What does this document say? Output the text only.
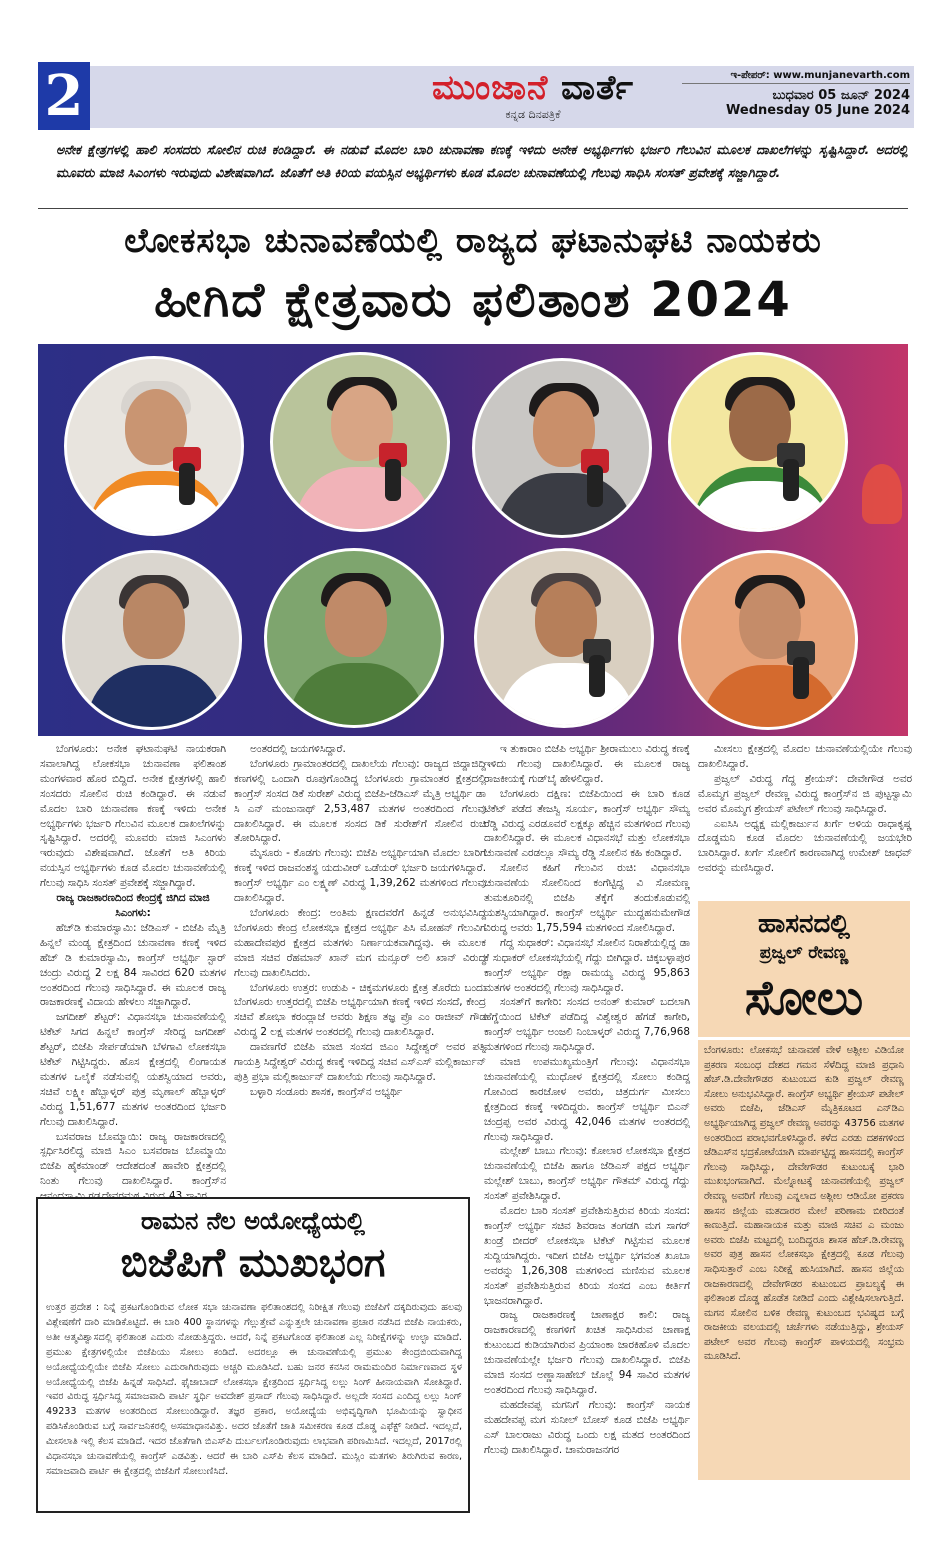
2	ಮುಂಜಾನೆ ವಾರ್ತೆ
ಕನ್ನಡ ದಿನಪತ್ರಿಕೆ
ಇ-ಪೇಪರ್: www.munjanevarth.com
ಬುಧವಾರ 05 ಜೂನ್ 2024
Wednesday 05 June 2024
ಅನೇಕ ಕ್ಷೇತ್ರಗಳಲ್ಲಿ ಹಾಲಿ ಸಂಸದರು ಸೋಲಿನ ರುಚಿ ಕಂಡಿದ್ದಾರೆ. ಈ ನಡುವೆ ಮೊದಲ ಬಾರಿ ಚುನಾವಣಾ ಕಣಕ್ಕೆ ಇಳಿದು ಅನೇಕ ಅಭ್ಯರ್ಥಿಗಳು ಭರ್ಜರಿ ಗೆಲುವಿನ ಮೂಲಕ ದಾಖಲೆಗಳನ್ನು ಸೃಷ್ಟಿಸಿದ್ದಾರೆ. ಅದರಲ್ಲಿ ಮೂವರು ಮಾಜಿ ಸಿಎಂಗಳು ಇರುವುದು ವಿಶೇಷವಾಗಿದೆ. ಜೊತೆಗೆ ಅತಿ ಕಿರಿಯ ವಯಸ್ಸಿನ ಅಭ್ಯರ್ಥಿಗಳು ಕೂಡ ಮೊದಲ ಚುನಾವಣೆಯಲ್ಲಿ ಗೆಲುವು ಸಾಧಿಸಿ ಸಂಸತ್ ಪ್ರವೇಶಕ್ಕೆ ಸಜ್ಜಾಗಿದ್ದಾರೆ.
ಲೋಕಸಭಾ ಚುನಾವಣೆಯಲ್ಲಿ ರಾಜ್ಯದ ಘಟಾನುಘಟಿ ನಾಯಕರು
ಹೀಗಿದೆ ಕ್ಷೇತ್ರವಾರು ಫಲಿತಾಂಶ 2024

ಬೆಂಗಳೂರು: ಅನೇಕ ಘಟಾನುಘಟಿ ನಾಯಕರಾಗಿ ಸವಾಲಾಗಿದ್ದ ಲೋಕಸಭಾ ಚುನಾವಣಾ ಫಲಿತಾಂಶ ಮಂಗಳವಾರ ಹೊರ ಬಿದ್ದಿದೆ. ಅನೇಕ ಕ್ಷೇತ್ರಗಳಲ್ಲಿ ಹಾಲಿ ಸಂಸದರು ಸೋಲಿನ ರುಚಿ ಕಂಡಿದ್ದಾರೆ. ಈ ನಡುವೆ ಮೊದಲ ಬಾರಿ ಚುನಾವಣಾ ಕಣಕ್ಕೆ ಇಳಿದು ಅನೇಕ ಅಭ್ಯರ್ಥಿಗಳು ಭರ್ಜರಿ ಗೆಲುವಿನ ಮೂಲಕ ದಾಖಲೆಗಳನ್ನು ಸೃಷ್ಟಿಸಿದ್ದಾರೆ. ಅದರಲ್ಲಿ ಮೂವರು ಮಾಜಿ ಸಿಎಂಗಳು ಇರುವುದು ವಿಶೇಷವಾಗಿದೆ. ಜೊತೆಗೆ ಅತಿ ಕಿರಿಯ ವಯಸ್ಸಿನ ಅಭ್ಯರ್ಥಿಗಳು ಕೂಡ ಮೊದಲ ಚುನಾವಣೆಯಲ್ಲಿ ಗೆಲುವು ಸಾಧಿಸಿ ಸಂಸತ್ ಪ್ರವೇಶಕ್ಕೆ ಸಜ್ಜಾಗಿದ್ದಾರೆ.

ರಾಜ್ಯ ರಾಜಕಾರಣದಿಂದ ಕೇಂದ್ರಕ್ಕೆ ಜಿಗಿದ ಮಾಜಿ ಸಿಎಂಗಳು:

ಹೆಚ್‌ಡಿ ಕುಮಾರಸ್ವಾಮಿ: ಜೆಡಿಎಸ್ - ಬಿಜೆಪಿ ಮೈತ್ರಿ ಹಿನ್ನಲೆ ಮಂಡ್ಯ ಕ್ಷೇತ್ರದಿಂದ ಚುನಾವಣಾ ಕಣಕ್ಕೆ ಇಳಿದ ಹೆಚ್ ಡಿ ಕುಮಾರಸ್ವಾಮಿ, ಕಾಂಗ್ರೆಸ್ ಅಭ್ಯರ್ಥಿ ಸ್ಟಾರ್ ಚಂದ್ರು ವಿರುದ್ಧ 2 ಲಕ್ಷ 84 ಸಾವಿರದ 620 ಮತಗಳ ಅಂತರದಿಂದ ಗೆಲುವು ಸಾಧಿಸಿದ್ದಾರೆ. ಈ ಮೂಲಕ ರಾಜ್ಯ ರಾಜಕಾರಣಕ್ಕೆ ವಿದಾಯ ಹೇಳಲು ಸಜ್ಜಾಗಿದ್ದಾರೆ.

ಜಗದೀಶ್ ಶೆಟ್ಟರ್: ವಿಧಾನಸಭಾ ಚುನಾವಣೆಯಲ್ಲಿ ಟಿಕೆಟ್ ಸಿಗದ ಹಿನ್ನಲೆ ಕಾಂಗ್ರೆಸ್ ಸೇರಿದ್ದ ಜಗದೀಶ್ ಶೆಟ್ಟರ್, ಬಿಜೆಪಿ ಸೇರ್ಪಡೆಯಾಗಿ ಬೆಳಗಾವಿ ಲೋಕಸಭಾ ಟಿಕೆಟ್ ಗಿಟ್ಟಿಸಿದ್ದರು. ಹೊಸ ಕ್ಷೇತ್ರದಲ್ಲಿ ಲಿಂಗಾಯತ ಮತಗಳ ಒಲೈಕೆ ನಡೆಸುವಲ್ಲಿ ಯಶಸ್ವಿಯಾದ ಅವರು, ಸಚಿವೆ ಲಕ್ಷ್ಮೀ ಹೆಬ್ಬಾಳ್ಕರ್ ಪುತ್ರ ಮೃಣಾಲ್ ಹೆಬ್ಬಾಳ್ಕರ್ ವಿರುದ್ಧ 1,51,677 ಮತಗಳ ಅಂತರದಿಂದ ಭರ್ಜರಿ ಗೆಲುವು ದಾಖಲಿಸಿದ್ದಾರೆ.

ಬಸವರಾಜ ಬೊಮ್ಮಾಯಿ: ರಾಜ್ಯ ರಾಜಕಾರಣದಲ್ಲಿ ಸ್ಪರ್ಧಿಸಿರಲಿದ್ದ ಮಾಜಿ ಸಿಎಂ ಬಸವರಾಜ ಬೊಮ್ಮಾಯಿ ಬಿಜೆಪಿ ಹೈಕಮಾಂಡ್ ಆದೇಶದಂತೆ ಹಾವೇರಿ ಕ್ಷೇತ್ರದಲ್ಲಿ ನಿಂತು ಗೆಲುವು ದಾಖಲಿಸಿದ್ದಾರೆ. ಕಾಂಗ್ರೆಸ್‌ನ

ಅಂತರದಲ್ಲಿ ಜಯಗಳಿಸಿದ್ದಾರೆ.

ಬೆಂಗಳೂರು ಗ್ರಾಮಾಂತರದಲ್ಲಿ ದಾಖಲೆಯ ಗೆಲುವು: ರಾಜ್ಯದ ಜಿದ್ದಾಜಿದ್ದಿ ಕಣಗಳಲ್ಲಿ ಒಂದಾಗಿ ರೂಪುಗೊಂಡಿದ್ದ ಬೆಂಗಳೂರು ಗ್ರಾಮಾಂತರ ಕ್ಷೇತ್ರದಲ್ಲಿ ಕಾಂಗ್ರೆಸ್ ಸಂಸದ ಡಿಕೆ ಸುರೇಶ್ ವಿರುದ್ಧ ಬಿಜೆಪಿ-ಜೆಡಿಎಸ್ ಮೈತ್ರಿ ಅಭ್ಯರ್ಥಿ ಡಾ ಸಿ ಎನ್ ಮಂಜುನಾಥ್ 2,53,487 ಮತಗಳ ಅಂತರದಿಂದ ಗೆಲುವು ದಾಖಲಿಸಿದ್ದಾರೆ. ಈ ಮೂಲಕ ಸಂಸದ ಡಿಕೆ ಸುರೇಶ್‌ಗೆ ಸೋಲಿನ ರುಚಿ ತೋರಿಸಿದ್ದಾರೆ.

ಮೈಸೂರು - ಕೊಡಗು ಗೆಲುವು: ಬಿಜೆಪಿ ಅಭ್ಯರ್ಥಿಯಾಗಿ ಮೊದಲ ಬಾರಿಗೆ ಕಣಕ್ಕೆ ಇಳಿದ ರಾಜವಂಶಸ್ಥ ಯದುವೀರ್ ಒಡೆಯರ್ ಭರ್ಜರಿ ಜಯಗಳಿಸಿದ್ದಾರೆ. ಕಾಂಗ್ರೆಸ್ ಅಭ್ಯರ್ಥಿ ಎಂ ಲಕ್ಷ್ಮಣ್ ವಿರುದ್ಧ 1,39,262 ಮತಗಳಿಂದ ಗೆಲುವು ದಾಖಲಿಸಿದ್ದಾರೆ.

ಬೆಂಗಳೂರು ಕೇಂದ್ರ: ಅಂತಿಮ ಕ್ಷಣದವರೆಗೆ ಹಿನ್ನಡೆ ಅನುಭವಿಸಿದ್ದ ಬೆಂಗಳೂರು ಕೇಂದ್ರ ಲೋಕಸಭಾ ಕ್ಷೇತ್ರದ ಅಭ್ಯರ್ಥಿ ಪಿಸಿ ಮೋಹನ್ ಗೆಲುವಿಗೆ ಮಹಾದೇವಪುರ ಕ್ಷೇತ್ರದ ಮತಗಳು ನಿರ್ಣಾಯಕವಾಗಿದ್ದವು. ಈ ಮೂಲಕ ಮಾಜಿ ಸಚಿವ ರೆಹಮಾನ್ ಖಾನ್ ಮಗ ಮನ್ಸೂರ್ ಅಲಿ ಖಾನ್ ವಿರುದ್ಧ ಗೆಲುವು ದಾಖಲಿಸಿದರು.

ಬೆಂಗಳೂರು ಉತ್ತರ: ಉಡುಪಿ - ಚಿಕ್ಕಮಗಳೂರು ಕ್ಷೇತ್ರ ತೊರೆದು ಬಂದು ಬೆಂಗಳೂರು ಉತ್ತರದಲ್ಲಿ ಬಿಜೆಪಿ ಅಭ್ಯರ್ಥಿಯಾಗಿ ಕಣಕ್ಕೆ ಇಳಿದ ಸಂಸದೆ, ಕೇಂದ್ರ ಸಚಿವೆ ಶೋಭಾ ಕರಂದ್ಲಾಜೆ ಅವರು ಶಿಕ್ಷಣ ತಜ್ಞ ಪ್ರೊ ಎಂ ರಾಜೀವ್ ಗೌಡ ವಿರುದ್ಧ 2 ಲಕ್ಷ ಮತಗಳ ಅಂತರದಲ್ಲಿ ಗೆಲುವು ದಾಖಲಿಸಿದ್ದಾರೆ.

ದಾವಣಗೆರೆ ಬಿಜೆಪಿ ಮಾಜಿ ಸಂಸದ ಜಿಎಂ ಸಿದ್ದೇಶ್ವರ್ ಅವರ ಪತ್ನಿ ಗಾಯತ್ರಿ ಸಿದ್ದೇಶ್ವರ್ ವಿರುದ್ಧ ಕಣಕ್ಕೆ ಇಳಿದಿದ್ದ ಸಚಿವ ಎಸ್‌ಎಸ್ ಮಲ್ಲಿಕಾರ್ಜುನ್ ಪುತ್ರಿ ಪ್ರಭಾ ಮಲ್ಲಿಕಾರ್ಜುನ್ ದಾಖಲೆಯ ಗೆಲುವು ಸಾಧಿಸಿದ್ದಾರೆ.

ಬಳ್ಳಾರಿ ಸಂಡೂರು ಶಾಸಕ, ಕಾಂಗ್ರೆಸ್‌ನ ಅಭ್ಯರ್ಥಿ

ಇ ತುಕಾರಾಂ ಬಿಜೆಪಿ ಅಭ್ಯರ್ಥಿ ಶ್ರೀರಾಮುಲು ವಿರುದ್ಧ ಕಣಕ್ಕೆ ಇಳಿದು ಗೆಲುವು ದಾಖಲಿಸಿದ್ದಾರೆ. ಈ ಮೂಲಕ ರಾಜ್ಯ ರಾಜಕೀಯಕ್ಕೆ ಗುಡ್‌ಬೈ ಹೇಳಲಿದ್ದಾರೆ.

ಬೆಂಗಳೂರು ದಕ್ಷಿಣ: ಬಿಜೆಪಿಯಿಂದ ಈ ಬಾರಿ ಕೂಡ ಟಿಕೆಟ್ ಪಡೆದ ತೇಜಸ್ವಿ ಸೂರ್ಯ, ಕಾಂಗ್ರೆಸ್ ಅಭ್ಯರ್ಥಿ ಸೌಮ್ಯ ರೆಡ್ಡಿ ವಿರುದ್ಧ ಎರಡೂವರೆ ಲಕ್ಷಕ್ಕೂ ಹೆಚ್ಚಿನ ಮತಗಳಿಂದ ಗೆಲುವು ದಾಖಲಿಸಿದ್ದಾರೆ. ಈ ಮೂಲಕ ವಿಧಾನಸಭೆ ಮತ್ತು ಲೋಕಸಭಾ ಚುನಾವಣೆ ಎರಡಲ್ಲೂ ಸೌಮ್ಯ ರೆಡ್ಡಿ ಸೋಲಿನ ಕಹಿ ಕಂಡಿದ್ದಾರೆ.

ಸೋಲಿನ ಕಹಿಗೆ ಗೆಲುವಿನ ರುಚಿ: ವಿಧಾನಸಭಾ ಚುನಾವಣೆಯ ಸೋಲಿನಿಂದ ಕಂಗೆಟ್ಟಿದ್ದ ವಿ ಸೋಮಣ್ಣ ತುಮಕೂರಿನಲ್ಲಿ ಬಿಜೆಪಿ ತೆಕ್ಕೆಗೆ ತಂದುಕೊಡುವಲ್ಲಿ ಯಶಸ್ವಿಯಾಗಿದ್ದಾರೆ. ಕಾಂಗ್ರೆಸ್ ಅಭ್ಯರ್ಥಿ ಮುದ್ದಹನುಮೇಗೌಡ ವಿರುದ್ಧ ಅವರು 1,75,594 ಮತಗಳಿಂದ ಸೋಲಿಸಿದ್ದಾರೆ.

ಗೆದ್ದ ಸುಧಾಕರ್: ವಿಧಾನಸಭೆ ಸೋಲಿನ ನಿರಾಶೆಯಲ್ಲಿದ್ದ ಡಾ ಕೆ ಸುಧಾಕರ್ ಲೋಕಸಭೆಯಲ್ಲಿ ಗೆದ್ದು ಬೀಗಿದ್ದಾರೆ. ಚಿಕ್ಕಬಳ್ಳಾಪುರ ಕಾಂಗ್ರೆಸ್ ಅಭ್ಯರ್ಥಿ ರಕ್ಷಾ ರಾಮಯ್ಯ ವಿರುದ್ಧ 95,863 ಮತಗಳ ಅಂತರದಲ್ಲಿ ಗೆಲುವು ಸಾಧಿಸಿದ್ದಾರೆ.

ಸಂಸತ್‌ಗೆ ಕಾಗೇರಿ: ಸಂಸದ ಅನಂತ್ ಕುಮಾರ್ ಬದಲಾಗಿ ಹೆಗ್ಡೆಯಿಂದ ಟಿಕೆಟ್ ಪಡೆದಿದ್ದ ವಿಶ್ವೇಶ್ವರ ಹೆಗಡೆ ಕಾಗೇರಿ, ಕಾಂಗ್ರೆಸ್ ಅಭ್ಯರ್ಥಿ ಅಂಜಲಿ ನಿಂಬಾಳ್ಕರ್ ವಿರುದ್ಧ 7,76,968 ಮತಗಳಿಂದ ಗೆಲುವು ಸಾಧಿಸಿದ್ದಾರೆ.

ಮಾಜಿ ಉಪಮುಖ್ಯಮಂತ್ರಿಗೆ ಗೆಲುವು: ವಿಧಾನಸಭಾ ಚುನಾವಣೆಯಲ್ಲಿ ಮುಧೋಳ ಕ್ಷೇತ್ರದಲ್ಲಿ ಸೋಲು ಕಂಡಿದ್ದ ಗೋವಿಂದ ಕಾರಜೋಳ ಅವರು, ಚಿತ್ರದುರ್ಗ ಮೀಸಲು ಕ್ಷೇತ್ರದಿಂದ ಕಣಕ್ಕೆ ಇಳಿದಿದ್ದರು. ಕಾಂಗ್ರೆಸ್ ಅಭ್ಯರ್ಥಿ ಬಿಎನ್ ಚಂದ್ರಪ್ಪ ಅವರ ವಿರುದ್ಧ 42,046 ಮತಗಳ ಅಂತರದಲ್ಲಿ ಗೆಲುವು ಸಾಧಿಸಿದ್ದಾರೆ.

ಮಲ್ಲೇಶ್ ಬಾಬು ಗೆಲುವು: ಕೋಲಾರ ಲೋಕಸಭಾ ಕ್ಷೇತ್ರದ ಚುನಾವಣೆಯಲ್ಲಿ ಬಿಜೆಪಿ ಹಾಗೂ ಜೆಡಿಎಸ್ ಪಕ್ಷದ ಅಭ್ಯರ್ಥಿ ಮಲ್ಲೇಶ್ ಬಾಬು, ಕಾಂಗ್ರೆಸ್ ಅಭ್ಯರ್ಥಿ ಗೌತಮ್ ವಿರುದ್ಧ ಗೆದ್ದು ಸಂಸತ್ ಪ್ರವೇಶಿಸಿದ್ದಾರೆ.

ಮೊದಲ ಬಾರಿ ಸಂಸತ್ ಪ್ರವೇಶಿಸುತ್ತಿರುವ ಕಿರಿಯ ಸಂಸದ: ಕಾಂಗ್ರೆಸ್ ಅಭ್ಯರ್ಥಿ ಸಚಿವ ಶಿವರಾಜ ತಂಗಡಗಿ ಮಗ ಸಾಗರ್ ಖಂಡ್ರೆ ಬೀದರ್ ಲೋಕಸಭಾ ಟಿಕೆಟ್ ಗಿಟ್ಟಿಸುವ ಮೂಲಕ ಸುದ್ದಿಯಾಗಿದ್ದರು. ಇದೀಗ ಬಿಜೆಪಿ ಅಭ್ಯರ್ಥಿ ಭಗವಂತ ಖೂಬಾ ಅವರನ್ನು 1,26,308 ಮತಗಳಿಂದ ಮಣಿಸುವ ಮೂಲಕ ಸಂಸತ್ ಪ್ರವೇಶಿಸುತ್ತಿರುವ ಕಿರಿಯ ಸಂಸದ ಎಂಬ ಕೀರ್ತಿಗೆ ಭಾಜನರಾಗಿದ್ದಾರೆ.

ರಾಜ್ಯ ರಾಜಕಾರಣಕ್ಕೆ ಚಾಣಾಕ್ಷರ ಕಾಲಿ: ರಾಜ್ಯ ರಾಜಕಾರಣದಲ್ಲಿ ಕಣಗಳಿಗೆ ಖಚಿತ ಸಾಧಿಸಿರುವ ಚಾಣಾಕ್ಷ ಕುಟುಂಬದ ಕುಡಿಯಾಗಿರುವ ಪ್ರಿಯಾಂಕಾ ಜಾರಕಿಹೊಳಿ ಮೊದಲ ಚುನಾವಣೆಯಲ್ಲೇ ಭರ್ಜರಿ ಗೆಲುವು ದಾಖಲಿಸಿದ್ದಾರೆ. ಬಿಜೆಪಿ ಮಾಜಿ ಸಂಸದ ಅಣ್ಣಾಸಾಹೇಬ್ ಜೊಲ್ಲೆ 94 ಸಾವಿರ ಮತಗಳ ಅಂತರದಿಂದ ಗೆಲುವು ಸಾಧಿಸಿದ್ದಾರೆ.

ಮಹದೇವಪ್ಪ ಮಗನಿಗೆ ಗೆಲುವು: ಕಾಂಗ್ರೆಸ್ ನಾಯಕ ಮಹದೇವಪ್ಪ ಮಗ ಸುನೀಲ್ ಬೋಸ್ ಕೂಡ ಬಿಜೆಪಿ ಅಭ್ಯರ್ಥಿ ಎಸ್ ಬಾಲರಾಜು ವಿರುದ್ಧ ಒಂದು ಲಕ್ಷ ಮತದ ಅಂತರದಿಂದ ಗೆಲುವು ದಾಖಲಿಸಿದ್ದಾರೆ. ಚಾಮರಾಜನಗರ

ಮೀಸಲು ಕ್ಷೇತ್ರದಲ್ಲಿ ಮೊದಲ ಚುನಾವಣೆಯಲ್ಲಿಯೇ ಗೆಲುವು ದಾಖಲಿಸಿದ್ದಾರೆ.

ಪ್ರಜ್ವಲ್ ವಿರುದ್ಧ ಗೆದ್ದ ಶ್ರೇಯಸ್: ದೇವೇಗೌಡ ಅವರ ಮೊಮ್ಮಗ ಪ್ರಜ್ವಲ್ ರೇವಣ್ಣ ವಿರುದ್ಧ ಕಾಂಗ್ರೆಸ್‌ನ ಜಿ ಪುಟ್ಟಸ್ವಾಮಿ ಅವರ ಮೊಮ್ಮಗ ಶ್ರೇಯಸ್ ಪಟೇಲ್ ಗೆಲುವು ಸಾಧಿಸಿದ್ದಾರೆ.

ಎಐಸಿಸಿ ಅಧ್ಯಕ್ಷ ಮಲ್ಲಿಕಾರ್ಜುನ ಖರ್ಗೆ ಅಳಿಯ ರಾಧಾಕೃಷ್ಣ ದೊಡ್ಡಮನಿ ಕೂಡ ಮೊದಲ ಚುನಾವಣೆಯಲ್ಲಿ ಜಯಭೇರಿ ಬಾರಿಸಿದ್ದಾರೆ. ಖರ್ಗೆ ಸೋಲಿಗೆ ಕಾರಣವಾಗಿದ್ದ ಉಮೇಶ್ ಜಾಧವ್ ಅವರನ್ನು ಮಣಿಸಿದ್ದಾರೆ.

ರಾಮನ ನೆಲ ಅಯೋಧ್ಯೆಯಲ್ಲಿ
ಬಿಜೆಪಿಗೆ ಮುಖಭಂಗ
ಉತ್ತರ ಪ್ರದೇಶ : ನಿನ್ನೆ ಪ್ರಕಟಗೊಂಡಿರುವ ಲೋಕ ಸಭಾ ಚುನಾವಣಾ ಫಲಿತಾಂಶದಲ್ಲಿ ನಿರೀಕ್ಷಿತ ಗೆಲುವು ಬಿಜೆಪಿಗೆ ದಕ್ಕದಿರುವುದು ಹಲವು ವಿಶ್ಲೇಷಣೆಗೆ ದಾರಿ ಮಾಡಿಕೊಟ್ಟಿದೆ. ಈ ಬಾರಿ 400 ಸ್ಥಾನಗಳನ್ನು ಗೆಲ್ಲುತ್ತೇವೆ ಎನ್ನುತ್ತಲೇ ಚುನಾವಣಾ ಪ್ರಚಾರ ನಡೆಸಿದ ಬಿಜೆಪಿ ನಾಯಕರು, ಅತೀ ಆತ್ಮವಿಶ್ವಾಸದಲ್ಲಿ ಫಲಿತಾಂಶ ಎದುರು ನೋಡುತ್ತಿದ್ದರು. ಆದರೆ, ನಿನ್ನೆ ಪ್ರಕಟಗೊಂಡ ಫಲಿತಾಂಶ ಎಲ್ಲ ನಿರೀಕ್ಷೆಗಳನ್ನು ಉಲ್ಟಾ ಮಾಡಿದೆ. ಪ್ರಮುಖ ಕ್ಷೇತ್ರಗಳಲ್ಲಿಯೇ ಬಿಜೆಪಿಯು ಸೋಲು ಕಂಡಿದೆ. ಅದರಲ್ಲೂ ಈ ಚುನಾವಣೆಯಲ್ಲಿ ಪ್ರಮುಖ ಕೇಂದ್ರಬಿಂದುವಾಗಿದ್ದ ಅಯೋಧ್ಯೆಯಲ್ಲಿಯೇ ಬಿಜೆಪಿ ಸೋಲು ಎದುರಾಗಿರುವುದು ಅಚ್ಚರಿ ಮೂಡಿಸಿದೆ. ಬಹು ಜನರ ಕನಸಿನ ರಾಮಮಂದಿರ ನಿರ್ಮಾಣವಾದ ಸ್ಥಳ ಅಯೋಧ್ಯೆಯಲ್ಲಿ ಬಿಜೆಪಿ ಹಿನ್ನಡೆ ಸಾಧಿಸಿದೆ. ಫೈಜಾಬಾದ್ ಲೋಕಸಭಾ ಕ್ಷೇತ್ರದಿಂದ ಸ್ಪರ್ಧಿಸಿದ್ದ ಲಲ್ಲು ಸಿಂಗ್ ಹೀನಾಯವಾಗಿ ಸೋತಿದ್ದಾರೆ. ಇವರ ವಿರುದ್ಧ ಸ್ಪರ್ಧಿಸಿದ್ದ ಸಮಾಜವಾದಿ ಪಾರ್ಟಿ ಸ್ಥರ್ಧಿ ಅವದೇಶ್ ಪ್ರಸಾದ್ ಗೆಲುವು ಸಾಧಿಸಿದ್ದಾರೆ. ಅಲ್ಲದೇ ಸಂಸದ ಎಂದಿದ್ದ ಲಲ್ಲು ಸಿಂಗ್ 49233 ಮತಗಳ ಅಂತರದಿಂದ ಸೋಲುಂಡಿದ್ದಾರೆ. ತಜ್ಞರ ಪ್ರಕಾರ, ಅಯೋಧ್ಯೆಯ ಅಭಿವೃದ್ಧಿಗಾಗಿ ಭೂಮಿಯನ್ನು ಸ್ವಾಧೀನ ಪಡಿಸಿಕೊಂಡಿರುವ ಬಗ್ಗೆ ಸಾರ್ವಜನಿಕರಲ್ಲಿ ಅಸಮಾಧಾನವಿತ್ತು. ಅದರ ಜೊತೆಗೆ ಜಾತಿ ಸಮೀಕರಣ ಕೂಡ ದೊಡ್ಡ ಎಫೆಕ್ಟ್ ನೀಡಿದೆ. ಇದಲ್ಲದೆ, ಮೀಸಲಾತಿ ಇಲ್ಲಿ ಕೆಲಸ ಮಾಡಿದೆ. ಇದರ ಜೊತೆಗಾಗಿ ಬಿಎಸ್‌ಪಿ ದುರ್ಬಲಗೊಂಡಿರುವುದು ಲಾಭವಾಗಿ ಪರಿಣಮಿಸಿದೆ. ಇದಲ್ಲದೆ, 2017ರಲ್ಲಿ ವಿಧಾನಸಭಾ ಚುನಾವಣೆಯಲ್ಲಿ ಕಾಂಗ್ರೆಸ್ ಎಡವಿತ್ತು. ಆದರೆ ಈ ಬಾರಿ ಎಸ್‌ಪಿ ಕೆಲಸ ಮಾಡಿದೆ. ಮುಸ್ಲಿಂ ಮತಗಳು ತಿರುಗಿರುವ ಕಾರಣ, ಸಮಾಜವಾದಿ ಪಾರ್ಟಿ ಈ ಕ್ಷೇತ್ರದಲ್ಲಿ ಬಿಜೆಪಿಗೆ ಸೋಲುಣಿಸಿದೆ.
ಹಾಸನದಲ್ಲಿ
ಪ್ರಜ್ವಲ್ ರೇವಣ್ಣ
ಸೋಲು
ಬೆಂಗಳೂರು: ಲೋಕಸಭೆ ಚುನಾವಣೆ ವೇಳೆ ಅಶ್ಲೀಲ ವಿಡಿಯೋ ಪ್ರಕರಣ ಸಂಬಂಧ ದೇಶದ ಗಮನ ಸೆಳೆದಿದ್ದ ಮಾಜಿ ಪ್ರಧಾನಿ ಹೆಚ್.ಡಿ.ದೇವೇಗೌಡರ ಕುಟುಂಬದ ಕುಡಿ ಪ್ರಜ್ವಲ್ ರೇವಣ್ಣ ಸೋಲು ಅನುಭವಿಸಿದ್ದಾರೆ. ಕಾಂಗ್ರೆಸ್ ಅಭ್ಯರ್ಥಿ ಶ್ರೇಯಸ್ ಪಟೇಲ್ ಅವರು ಬಿಜೆಪಿ, ಜೆಡಿಎಸ್ ಮೈತ್ರಿಕೂಟದ ಎನ್‌ಡಿಎ ಅಭ್ಯರ್ಥಿಯಾಗಿದ್ದ ಪ್ರಜ್ವಲ್ ರೇವಣ್ಣ ಅವರನ್ನು 43756 ಮತಗಳ ಅಂತರದಿಂದ ಪರಾಭವಗೊಳಿಸಿದ್ದಾರೆ. ಕಳೆದ ಎರಡು ದಶಕಗಳಿಂದ ಜೆಡಿಎಸ್‌ನ ಭದ್ರಕೋಟೆಯಾಗಿ ಮಾರ್ಪಟ್ಟಿದ್ದ ಹಾಸನದಲ್ಲಿ ಕಾಂಗ್ರೆಸ್ ಗೆಲುವು ಸಾಧಿಸಿದ್ದು, ದೇವೇಗೌಡರ ಕುಟುಂಬಕ್ಕೆ ಭಾರಿ ಮುಖಭಂಗವಾಗಿದೆ. ಮೆಲ್ನೋಟಕ್ಕೆ ಚುನಾವಣೆಯಲ್ಲಿ ಪ್ರಜ್ವಲ್ ರೇವಣ್ಣ ಅವರಿಗೆ ಗೆಲುವು ಎನ್ನಲಾದ ಅಶ್ಲೀಲ ಆಡಿಯೋ ಪ್ರಕರಣ ಹಾಸನ ಜಿಲ್ಲೆಯ ಮತದಾರರ ಮೇಲೆ ಪರಿಣಾಮ ಬೀರಿದಂತೆ ಕಾಣುತ್ತಿದೆ. ಮಹಾನಾಯಕ ಮತ್ತು ಮಾಜಿ ಸಚಿವ ಎ ಮಂಜು ಅವರು ಬಿಜೆಪಿ ಮಟ್ಟದಲ್ಲಿ ಬಂದಿದ್ದರೂ ಶಾಸಕ ಹೆಚ್.ಡಿ.ರೇವಣ್ಣ ಅವರ ಪುತ್ರ ಹಾಸನ ಲೋಕಸಭಾ ಕ್ಷೇತ್ರದಲ್ಲಿ ಕೂಡ ಗೆಲುವು ಸಾಧಿಸುತ್ತಾರೆ ಎಂಬ ನಿರೀಕ್ಷೆ ಹುಸಿಯಾಗಿದೆ. ಹಾಸನ ಜಿಲ್ಲೆಯ ರಾಜಕಾರಣದಲ್ಲಿ ದೇವೇಗೌಡರ ಕುಟುಂಬದ ಪ್ರಾಬಲ್ಯಕ್ಕೆ ಈ ಫಲಿತಾಂಶ ದೊಡ್ಡ ಹೊಡೆತ ನೀಡಿದೆ ಎಂದು ವಿಶ್ಲೇಷಿಸಲಾಗುತ್ತಿದೆ. ಮಗನ ಸೋಲಿನ ಬಳಿಕ ರೇವಣ್ಣ ಕುಟುಂಬದ ಭವಿಷ್ಯದ ಬಗ್ಗೆ ರಾಜಕೀಯ ವಲಯದಲ್ಲಿ ಚರ್ಚೆಗಳು ನಡೆಯುತ್ತಿದ್ದು, ಶ್ರೇಯಸ್ ಪಟೇಲ್ ಅವರ ಗೆಲುವು ಕಾಂಗ್ರೆಸ್ ಪಾಳಯದಲ್ಲಿ ಸಂಭ್ರಮ ಮೂಡಿಸಿದೆ.
